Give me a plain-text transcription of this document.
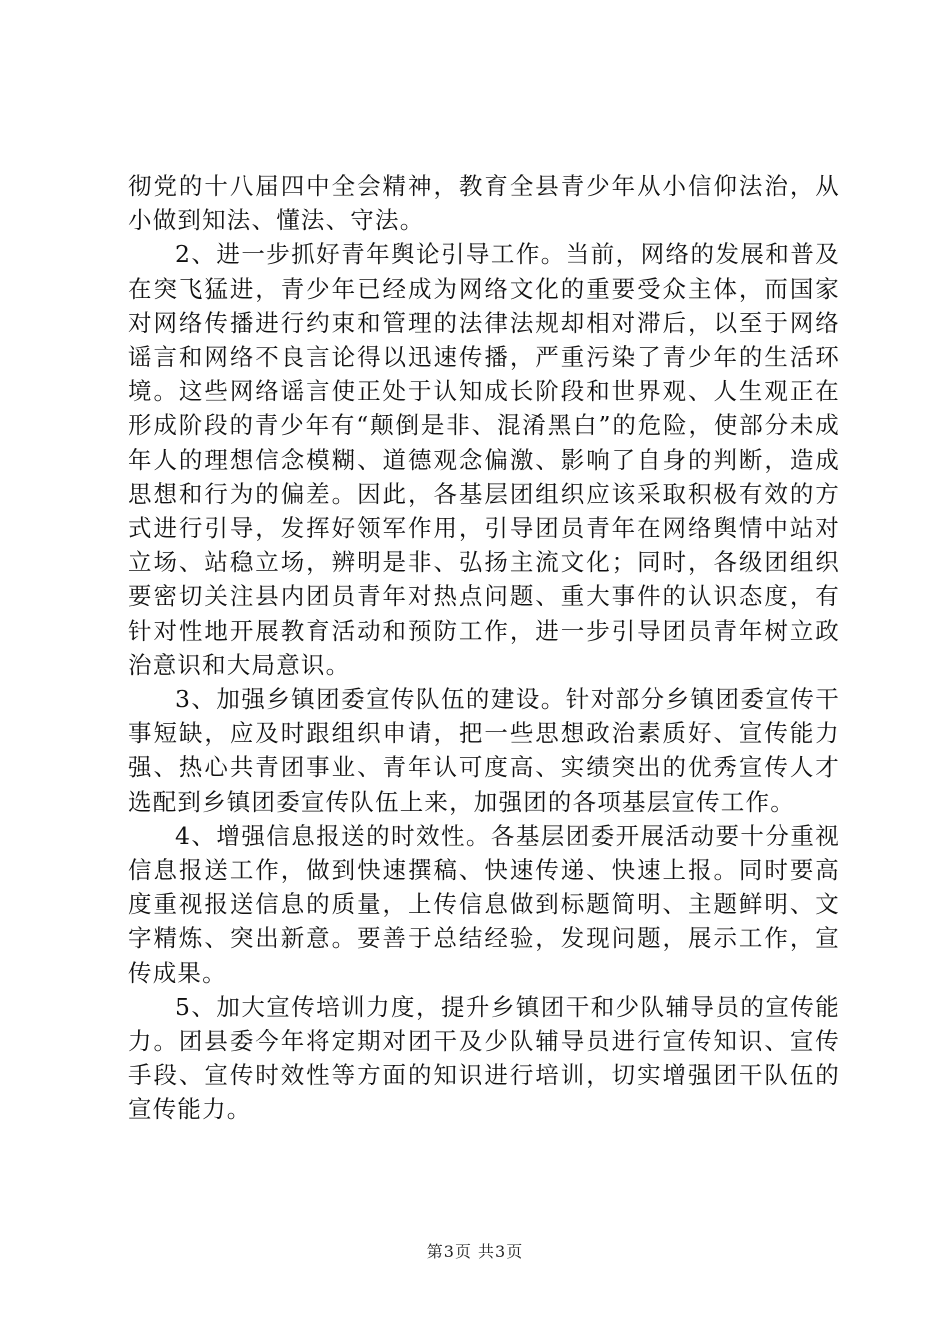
彻党的十八届四中全会精神，教育全县青少年从小信仰法治，从小做到知法、懂法、守法。

2、进一步抓好青年舆论引导工作。当前，网络的发展和普及在突飞猛进，青少年已经成为网络文化的重要受众主体，而国家对网络传播进行约束和管理的法律法规却相对滞后，以至于网络谣言和网络不良言论得以迅速传播，严重污染了青少年的生活环境。这些网络谣言使正处于认知成长阶段和世界观、人生观正在形成阶段的青少年有“颠倒是非、混淆黑白”的危险，使部分未成年人的理想信念模糊、道德观念偏激、影响了自身的判断，造成思想和行为的偏差。因此，各基层团组织应该采取积极有效的方式进行引导，发挥好领军作用，引导团员青年在网络舆情中站对立场、站稳立场，辨明是非、弘扬主流文化；同时，各级团组织要密切关注县内团员青年对热点问题、重大事件的认识态度，有针对性地开展教育活动和预防工作，进一步引导团员青年树立政治意识和大局意识。

3、加强乡镇团委宣传队伍的建设。针对部分乡镇团委宣传干事短缺，应及时跟组织申请，把一些思想政治素质好、宣传能力强、热心共青团事业、青年认可度高、实绩突出的优秀宣传人才选配到乡镇团委宣传队伍上来，加强团的各项基层宣传工作。

4、增强信息报送的时效性。各基层团委开展活动要十分重视信息报送工作，做到快速撰稿、快速传递、快速上报。同时要高度重视报送信息的质量，上传信息做到标题简明、主题鲜明、文字精炼、突出新意。要善于总结经验，发现问题，展示工作，宣传成果。

5、加大宣传培训力度，提升乡镇团干和少队辅导员的宣传能力。团县委今年将定期对团干及少队辅导员进行宣传知识、宣传手段、宣传时效性等方面的知识进行培训，切实增强团干队伍的宣传能力。

第3页 共3页
